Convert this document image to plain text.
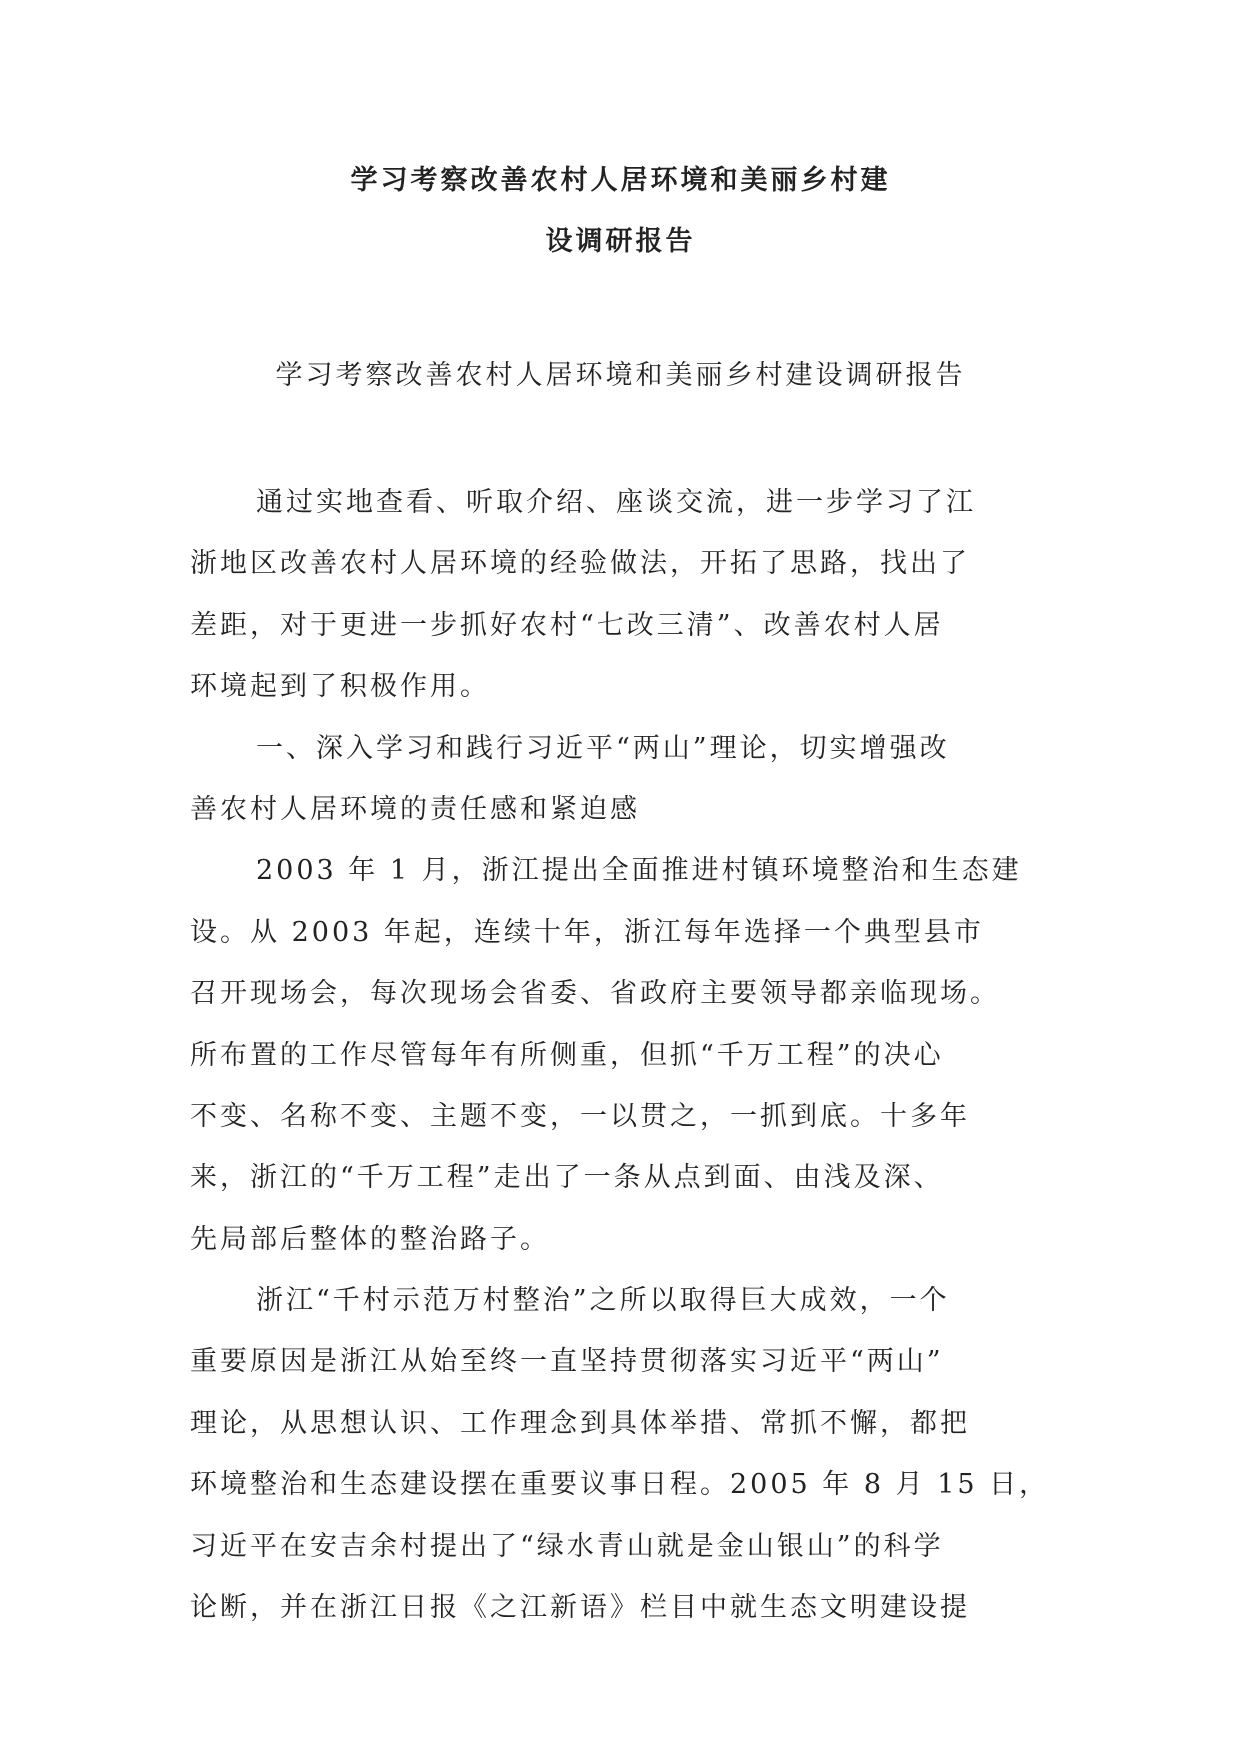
学习考察改善农村人居环境和美丽乡村建
设调研报告

学习考察改善农村人居环境和美丽乡村建设调研报告

通过实地查看、听取介绍、座谈交流，进一步学习了江
浙地区改善农村人居环境的经验做法，开拓了思路，找出了
差距，对于更进一步抓好农村“七改三清”、改善农村人居
环境起到了积极作用。
一、深入学习和践行习近平“两山”理论，切实增强改
善农村人居环境的责任感和紧迫感
2003 年 1 月，浙江提出全面推进村镇环境整治和生态建
设。从 2003 年起，连续十年，浙江每年选择一个典型县市
召开现场会，每次现场会省委、省政府主要领导都亲临现场。
所布置的工作尽管每年有所侧重，但抓“千万工程”的决心
不变、名称不变、主题不变，一以贯之，一抓到底。十多年
来，浙江的“千万工程”走出了一条从点到面、由浅及深、
先局部后整体的整治路子。
浙江“千村示范万村整治”之所以取得巨大成效，一个
重要原因是浙江从始至终一直坚持贯彻落实习近平“两山”
理论，从思想认识、工作理念到具体举措、常抓不懈，都把
环境整治和生态建设摆在重要议事日程。2005 年 8 月 15 日，
习近平在安吉余村提出了“绿水青山就是金山银山”的科学
论断，并在浙江日报《之江新语》栏目中就生态文明建设提
